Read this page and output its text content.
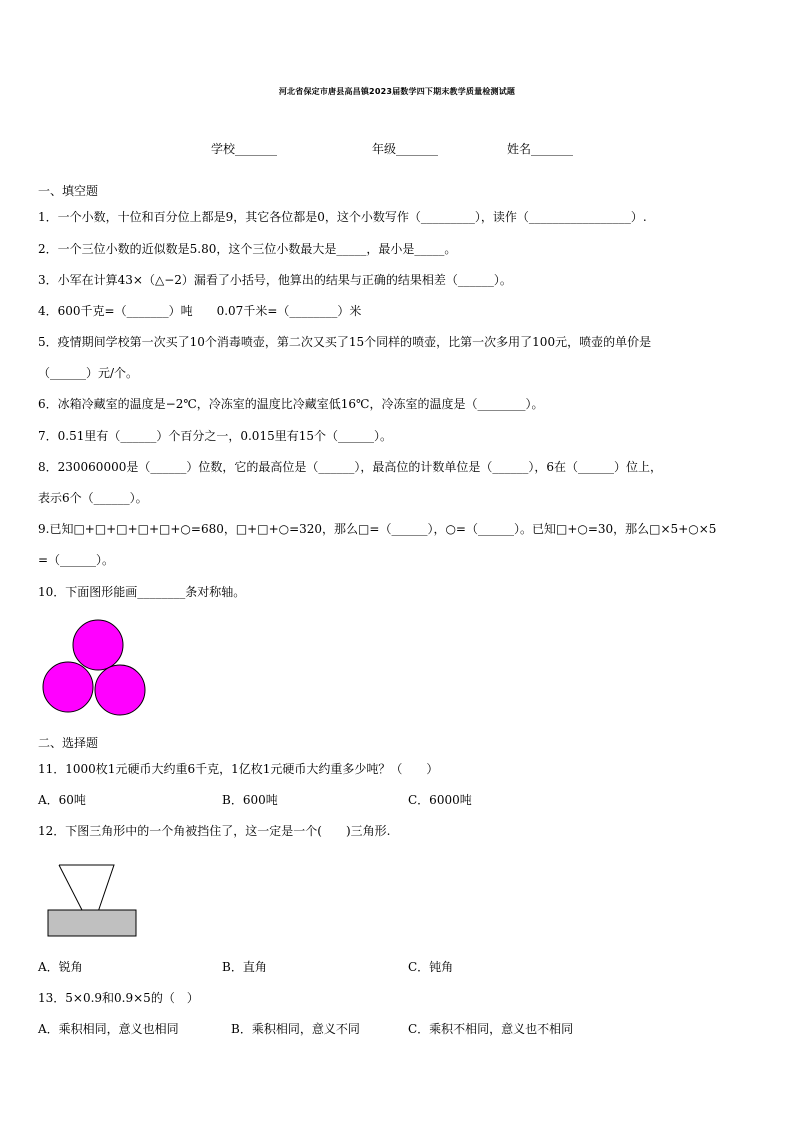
河北省保定市唐县高昌镇2023届数学四下期末教学质量检测试题
学校_______	年级_______	姓名_______
一、填空题
1．一个小数，十位和百分位上都是9，其它各位都是0，这个小数写作（_________），读作（_________________）.
2．一个三位小数的近似数是5.80，这个三位小数最大是_____，最小是_____。
3．小军在计算43×（△−2）漏看了小括号，他算出的结果与正确的结果相差（______）。
4．600千克=（_______）吨　　0.07千米=（________）米
5．疫情期间学校第一次买了10个消毒喷壶，第二次又买了15个同样的喷壶，比第一次多用了100元，喷壶的单价是
（______）元/个。
6．冰箱冷藏室的温度是−2℃，冷冻室的温度比冷藏室低16℃，冷冻室的温度是（________）。
7．0.51里有（______）个百分之一，0.015里有15个（______）。
8．230060000是（______）位数，它的最高位是（______），最高位的计数单位是（______），6在（______）位上，
表示6个（______）。
9.已知□+□+□+□+□+○=680，□+□+○=320，那么□=（______），○=（______）。已知□+○=30，那么□×5+○×5
=（______）。
10．下面图形能画________条对称轴。
二、选择题
11．1000枚1元硬币大约重6千克，1亿枚1元硬币大约重多少吨？（　　）
A．60吨	B．600吨	C．6000吨
12．下图三角形中的一个角被挡住了，这一定是一个(　　)三角形.
A．锐角	B．直角	C．钝角
13．5×0.9和0.9×5的（　）
A．乘积相同，意义也相同	B．乘积相同，意义不同	C．乘积不相同，意义也不相同
